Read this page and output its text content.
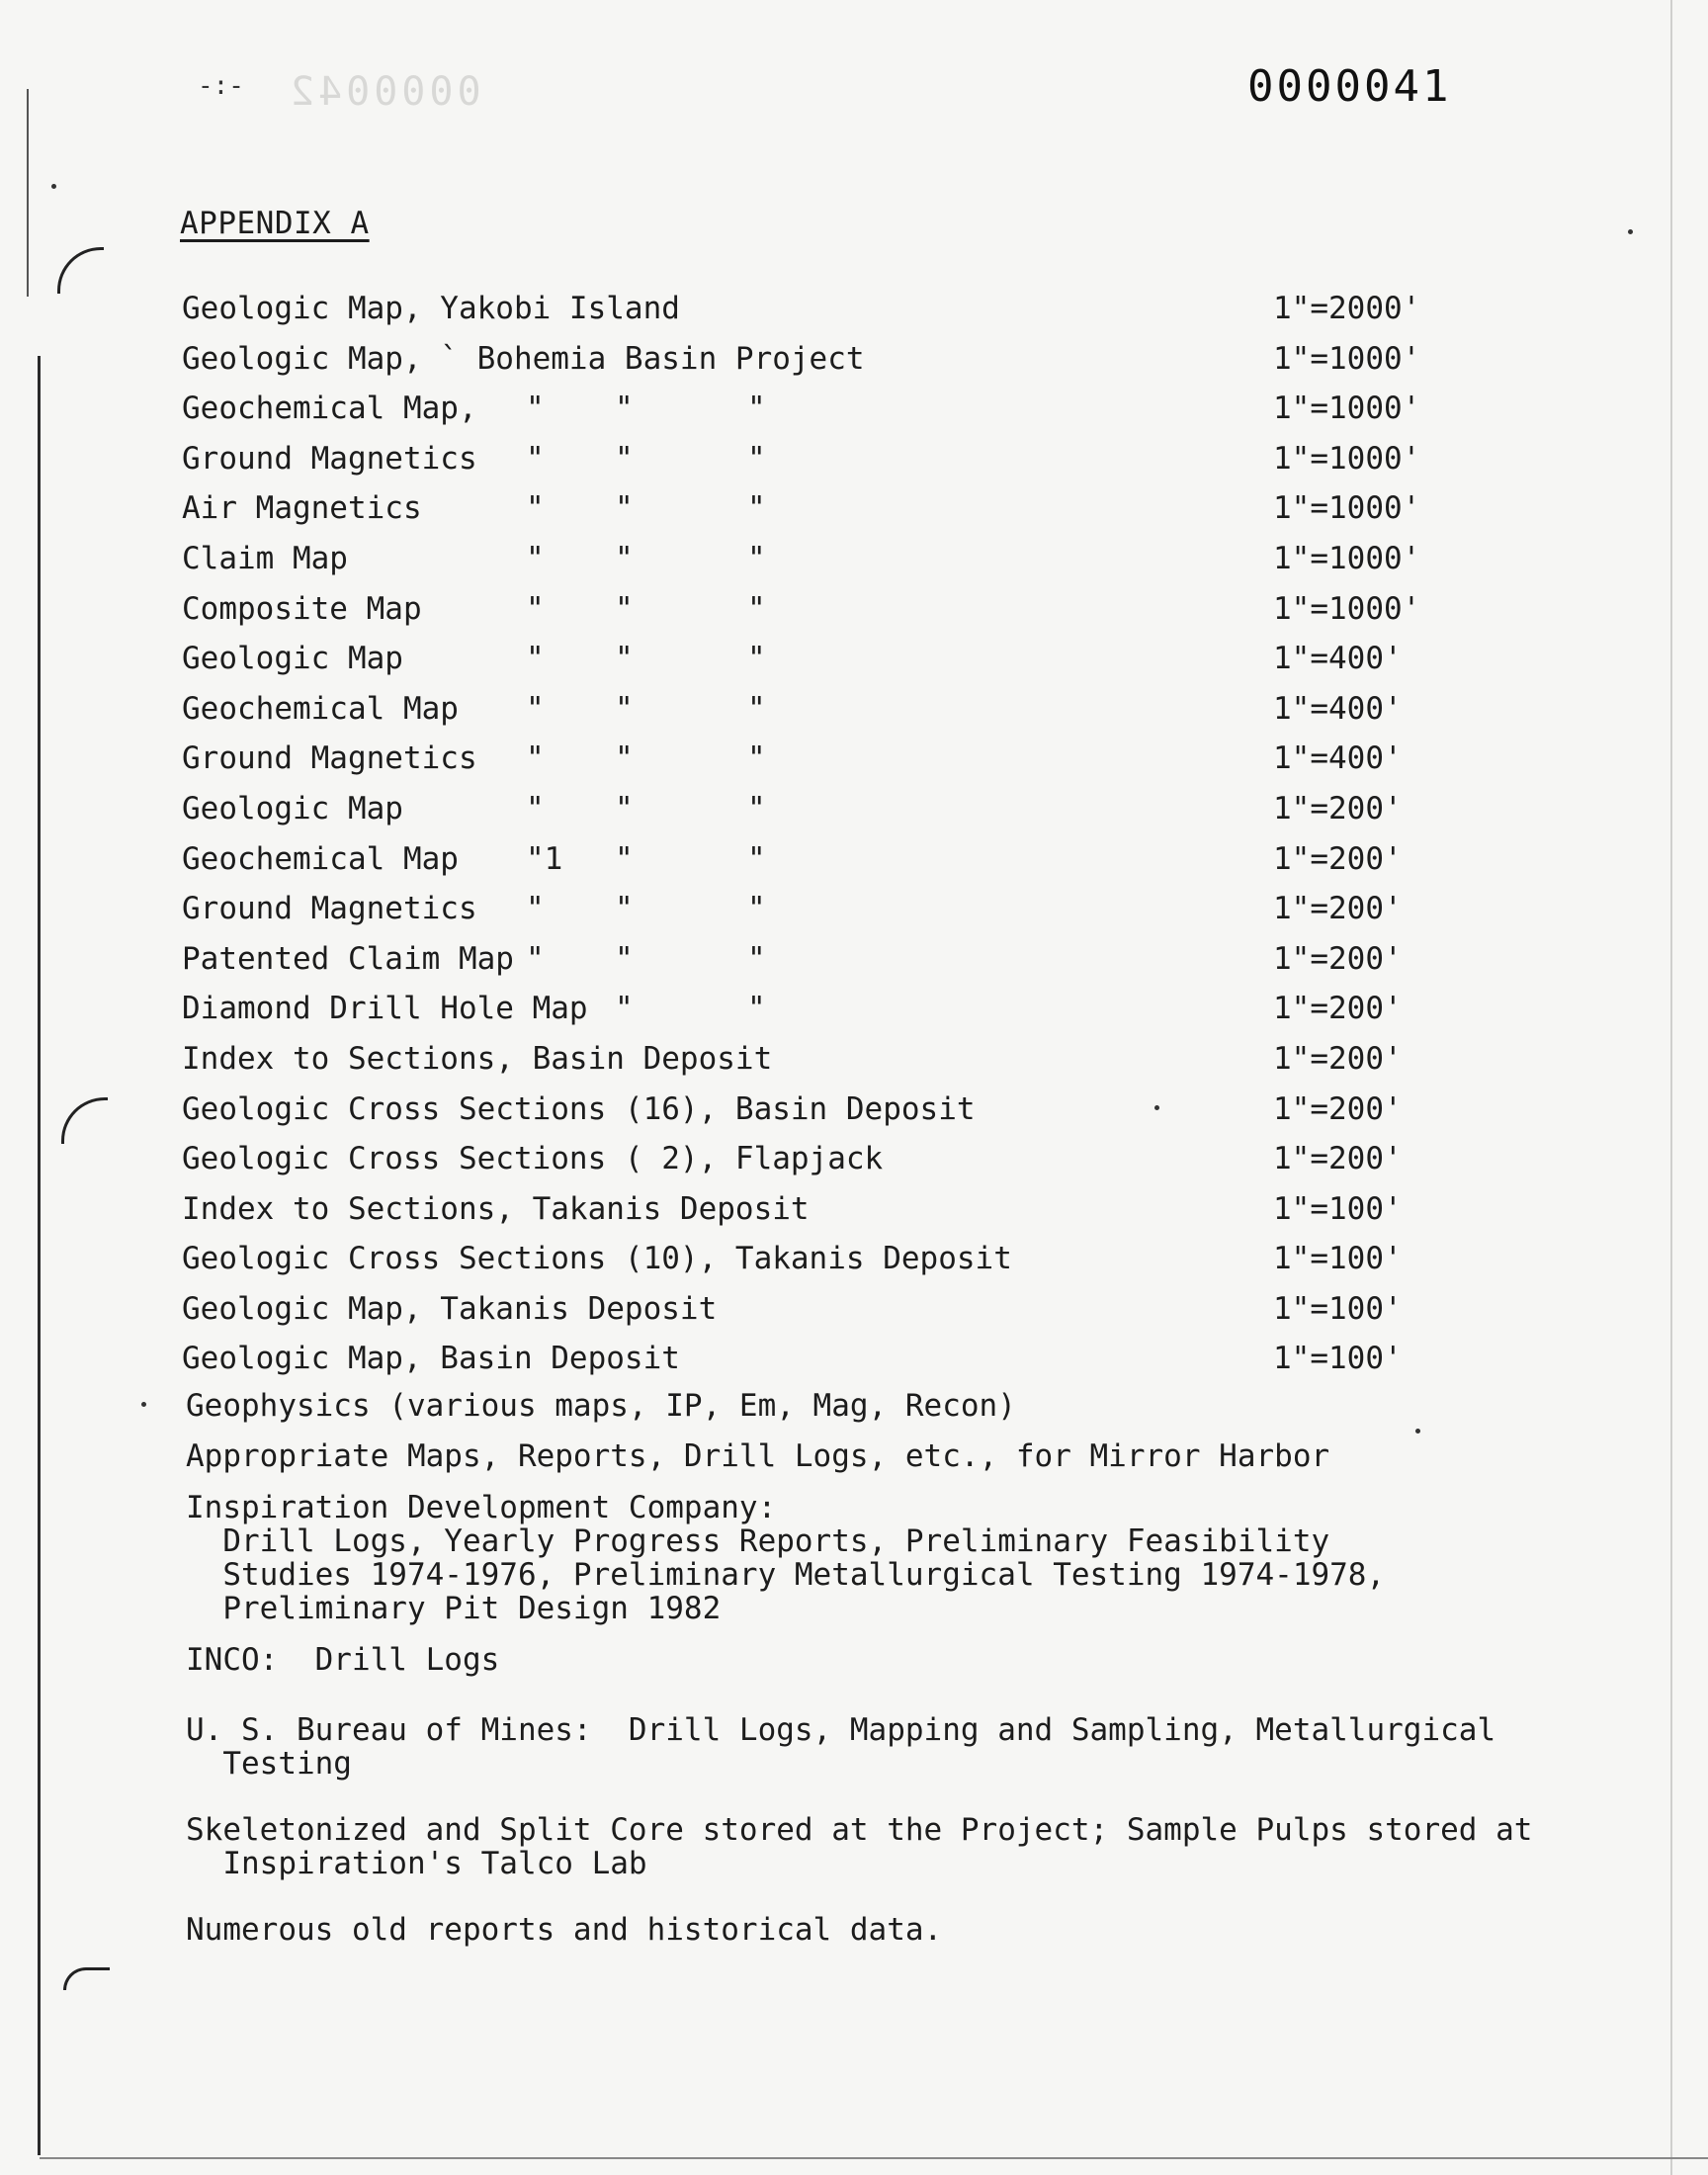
-:- 0000042	0000041
APPENDIX A
Geologic Map, Yakobi Island	1"=2000'
Geologic Map, ` Bohemia Basin Project	1"=1000'
Geochemical Map, " "	"	1"=1000'
Ground Magnetics " "	"	1"=1000'
Air Magnetics	" "	"	1"=1000'
Claim Map	" "	"	1"=1000'
Composite Map	" "	"	1"=1000'
Geologic Map	" "	"	1"=400'
Geochemical Map " "	"	1"=400'
Ground Magnetics " "	"	1"=400'
Geologic Map	" "	"	1"=200'
Geochemical Map "1 "	"	1"=200'
Ground Magnetics " "	"	1"=200'
Patented Claim Map " "	"	1"=200'
Diamond Drill Hole Map "	"	1"=200'
Index to Sections, Basin Deposit	1"=200'
Geologic Cross Sections (16), Basin Deposit	1"=200'
Geologic Cross Sections ( 2), Flapjack	1"=200'
Index to Sections, Takanis Deposit	1"=100'
Geologic Cross Sections (10), Takanis Deposit	1"=100'
Geologic Map, Takanis Deposit	1"=100'
Geologic Map, Basin Deposit	1"=100'
Geophysics (various maps, IP, Em, Mag, Recon)
Appropriate Maps, Reports, Drill Logs, etc., for Mirror Harbor
Inspiration Development Company:
Drill Logs, Yearly Progress Reports, Preliminary Feasibility
Studies 1974-1976, Preliminary Metallurgical Testing 1974-1978,
Preliminary Pit Design 1982
INCO:  Drill Logs
U. S. Bureau of Mines:  Drill Logs, Mapping and Sampling, Metallurgical
Testing
Skeletonized and Split Core stored at the Project; Sample Pulps stored at
Inspiration's Talco Lab
Numerous old reports and historical data.
